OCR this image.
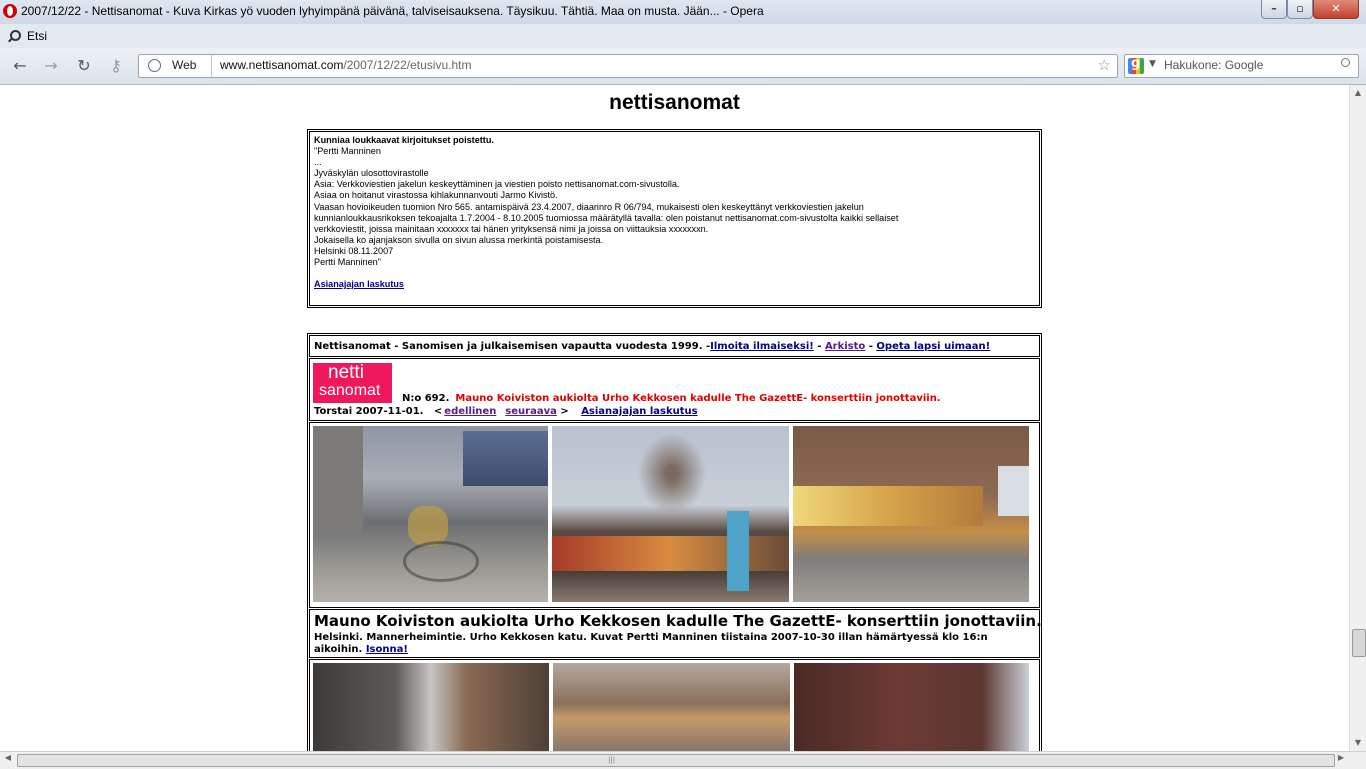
2007/12/22 - Nettisanomat - Kuva Kirkas yö vuoden lyhyimpänä päivänä, talviseisauksena. Täysikuu. Tähtiä. Maa on musta. Jään... - Opera	–	▫	✕
Etsi
← → ↻ ⚷	Web www.nettisanomat.com/2007/12/22/etusivu.htm	☆
g	▼ Hakukone: Google
nettisanomat
Kunniaa loukkaavat kirjoitukset poistettu.
"Pertti Manninen
...
Jyväskylän ulosottovirastolle
Asia: Verkkoviestien jakelun keskeyttäminen ja viestien poisto nettisanomat.com-sivustolla.
Asiaa on hoitanut virastossa kihlakunnanvouti Jarmo Kivistö.
Vaasan hovioikeuden tuomion Nro 565. antamispäivä 23.4.2007, diaarinro R 06/794, mukaisesti olen keskeyttänyt verkkoviestien jakelun
kunnianloukkausrikoksen tekoajalta 1.7.2004 - 8.10.2005 tuomiossa määrätyllä tavalla: olen poistanut nettisanomat.com-sivustolta kaikki sellaiset
verkkoviestit, joissa mainitaan xxxxxxx tai hänen yrityksensä nimi ja joissa on viittauksia xxxxxxxn.
Jokaisella ko ajanjakson sivulla on sivun alussa merkintä poistamisesta.
Helsinki 08.11.2007
Pertti Manninen"
Asianajajan laskutus
Nettisanomat - Sanomisen ja julkaisemisen vapautta vuodesta 1999. -Ilmoita ilmaiseksi! - Arkisto - Opeta lapsi uimaan!
netti
sanomat N:o 692. Mauno Koiviston aukiolta Urho Kekkosen kadulle The GazettE- konserttiin jonottaviin.
Torstai 2007-11-01. < edellinen seuraava > Asianajajan laskutus
Mauno Koiviston aukiolta Urho Kekkosen kadulle The GazettE- konserttiin jonottaviin.
Helsinki. Mannerheimintie. Urho Kekkosen katu. Kuvat Pertti Manninen tiistaina 2007-10-30 illan hämärtyessä klo 16:n aikoihin. Isonna!
▲
▼
◀	|||	▶
